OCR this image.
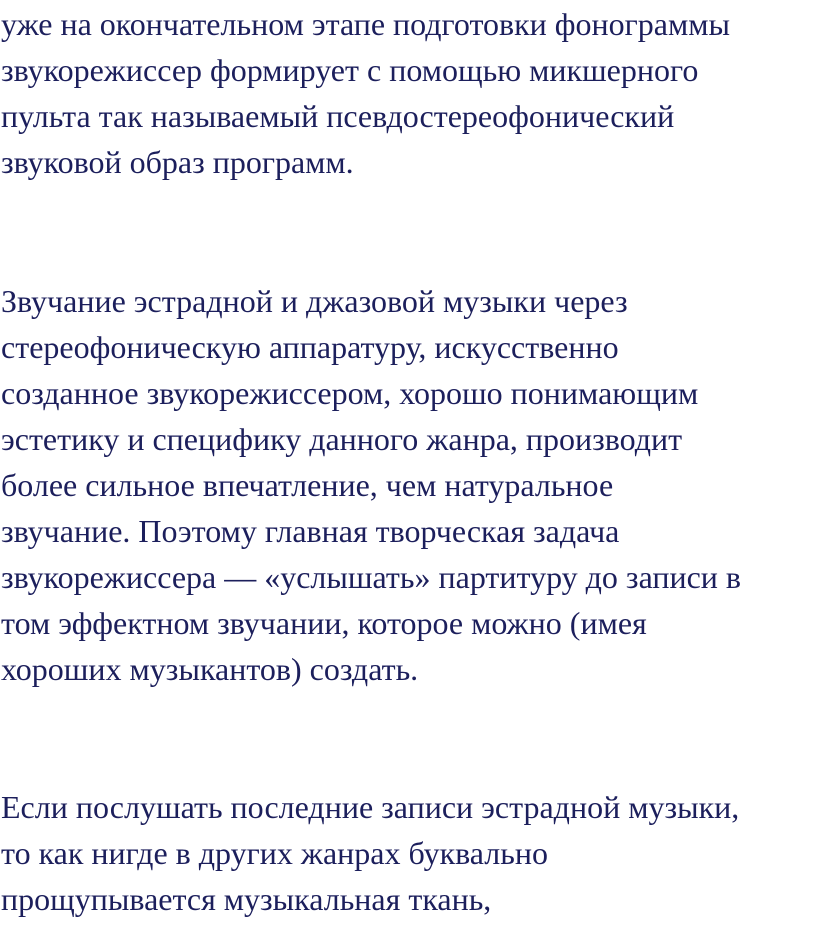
уже на окончательном этапе подготовки фонограммы
звукорежиссер формирует с помощью микшерного
пульта так называемый псевдостереофонический
звуковой образ программ.

Звучание эстрадной и джазовой музыки через
стереофоническую аппаратуру, искусственно
созданное звукорежиссером, хорошо понимающим
эстетику и специфику данного жанра, производит
более сильное впечатление, чем натуральное
звучание. Поэтому главная творческая задача
звукорежиссера — «услышать» партитуру до записи в
том эффектном звучании, которое можно (имея
хороших музыкантов) создать.

Если послушать последние записи эстрадной музыки,
то как нигде в других жанрах буквально
прощупывается музыкальная ткань,
